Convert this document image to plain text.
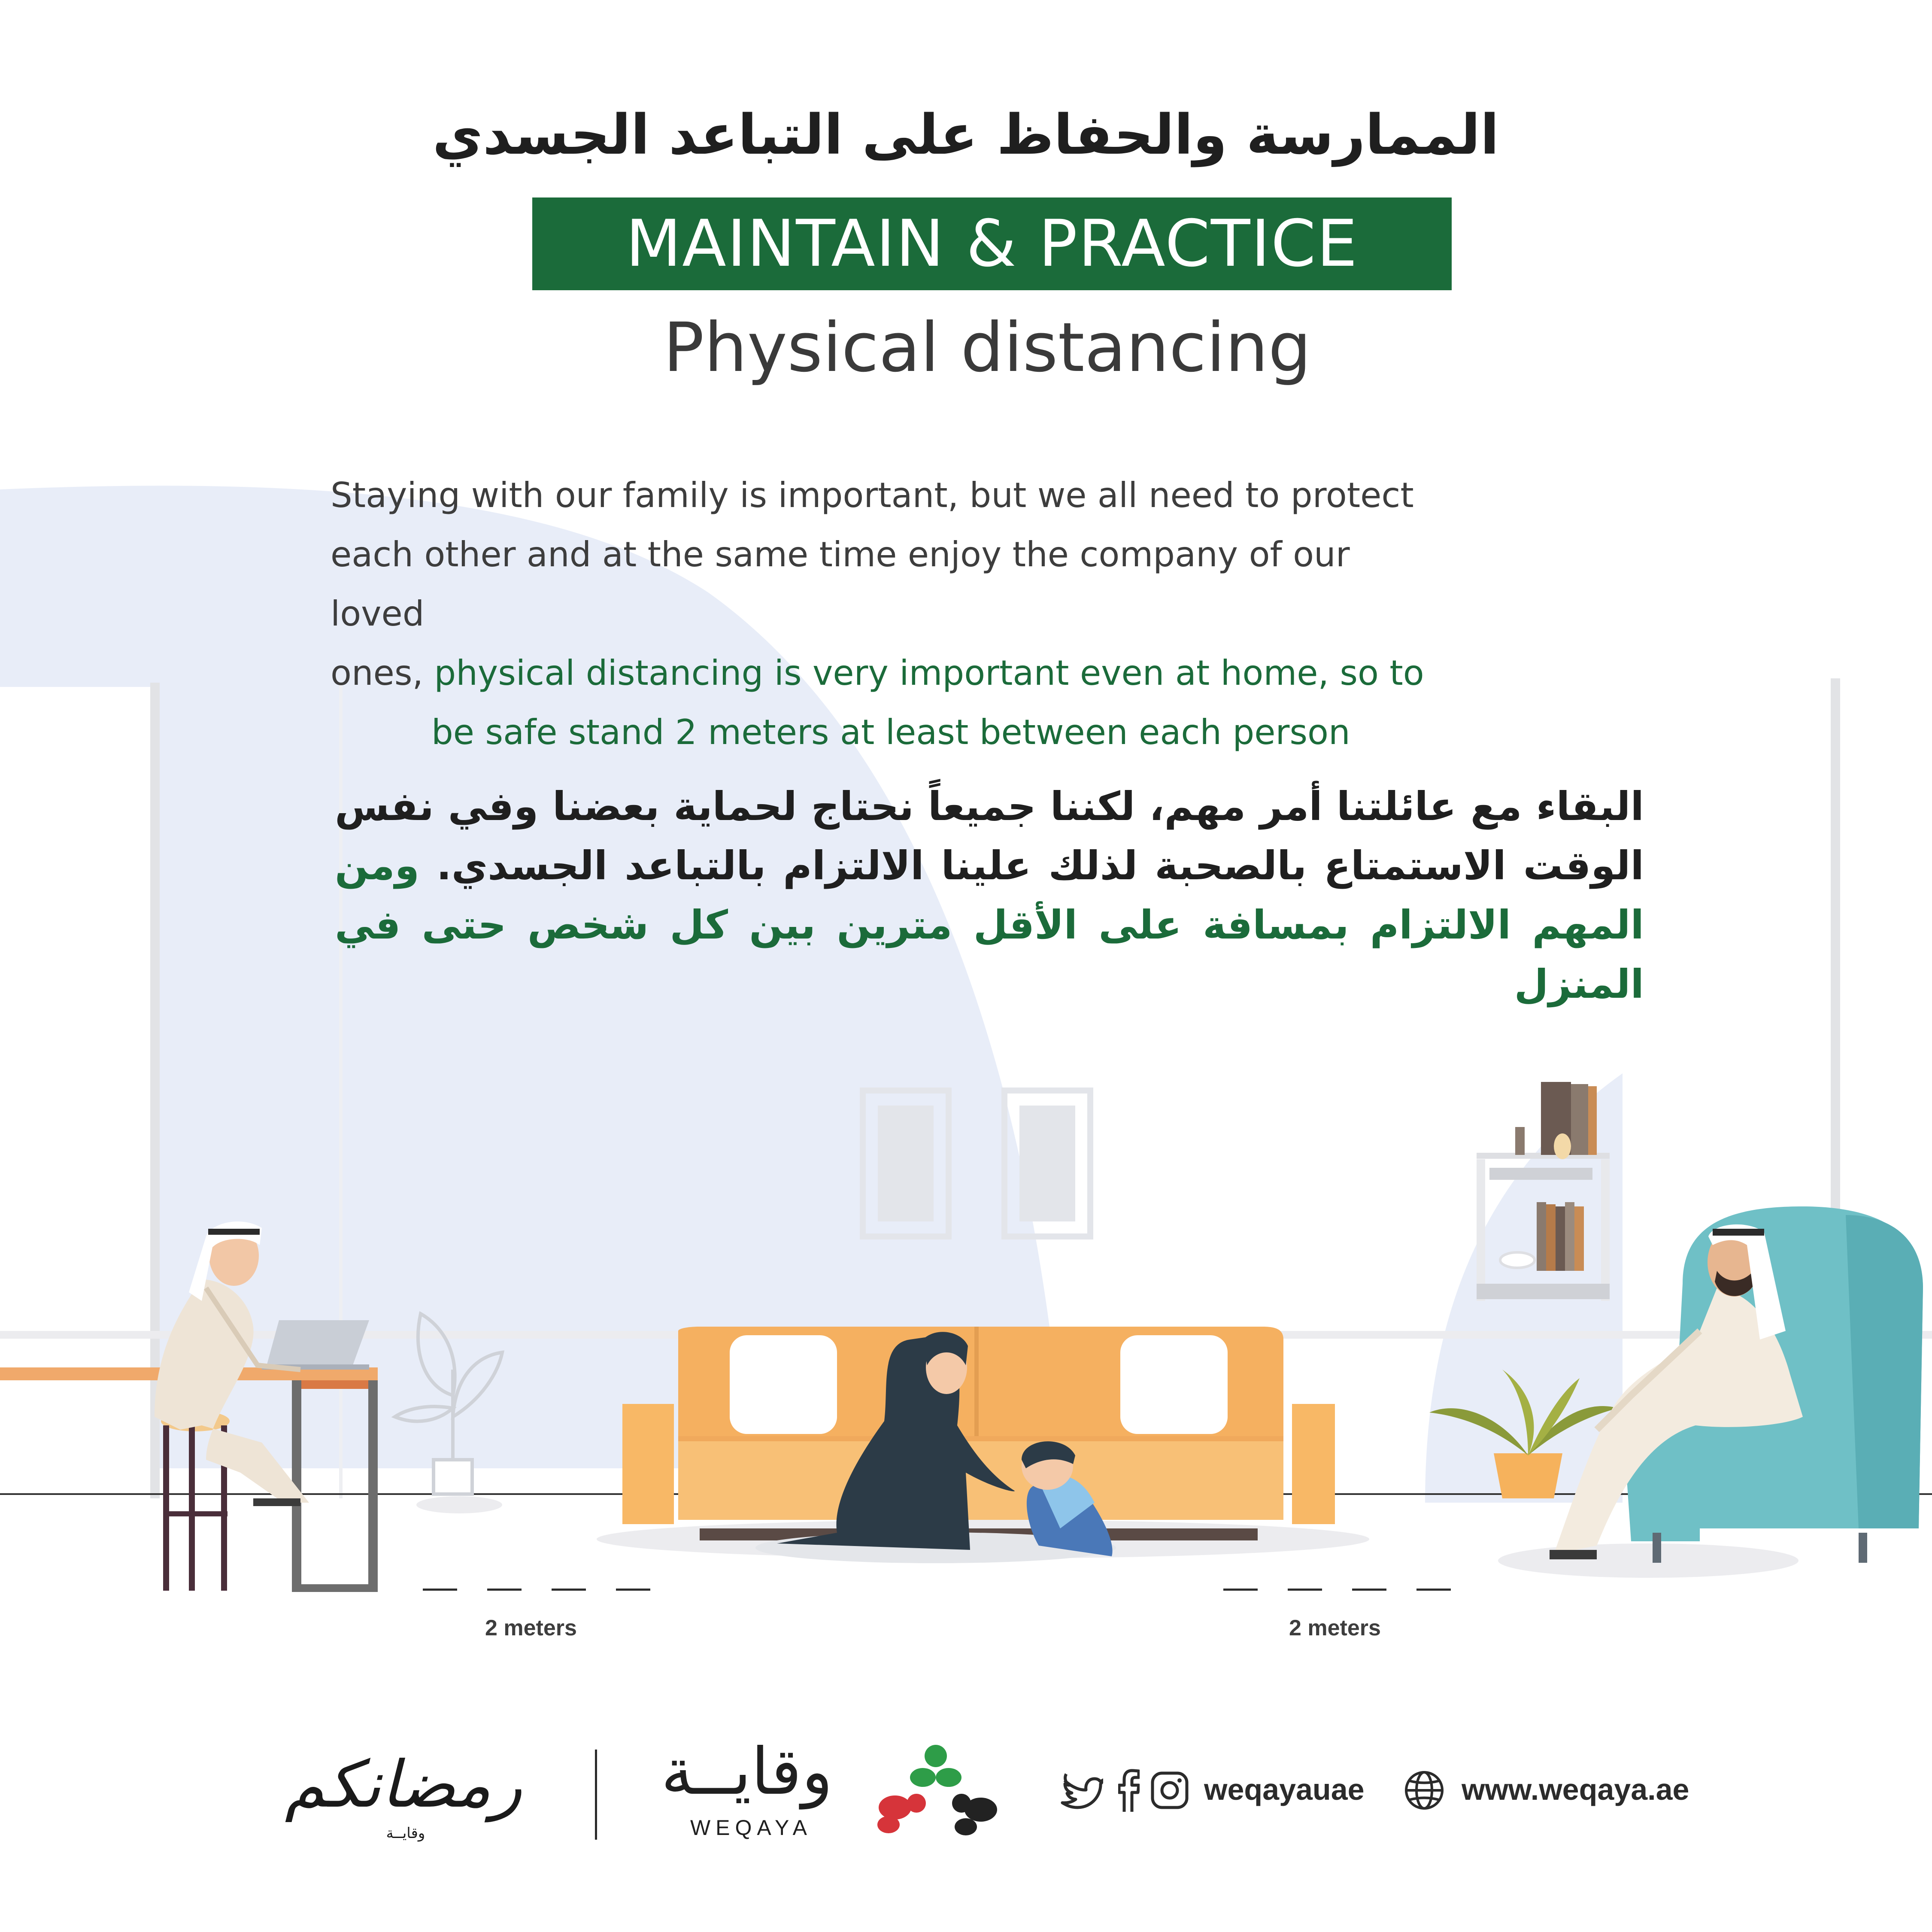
الممارسة والحفاظ على التباعد الجسدي
MAINTAIN & PRACTICE
Physical distancing
Staying with our family is important, but we all need to protect
each other and at the same time enjoy the company of our loved
ones, physical distancing is very important even at home, so to
be safe stand 2 meters at least between each person
البقاء مع عائلتنا أمر مهم، لكننا جميعاً نحتاج لحماية بعضنا وفي نفس الوقت الاستمتاع بالصحبة لذلك علينا الالتزام بالتباعد الجسدي. ومن المهم الالتزام بمسافة على الأقل مترين بين كل شخص حتى في المنزل
2 meters	2 meters
رمضانكم
وقايــة
وقايــة
WEQAYA
weqayauae	www.weqaya.ae
